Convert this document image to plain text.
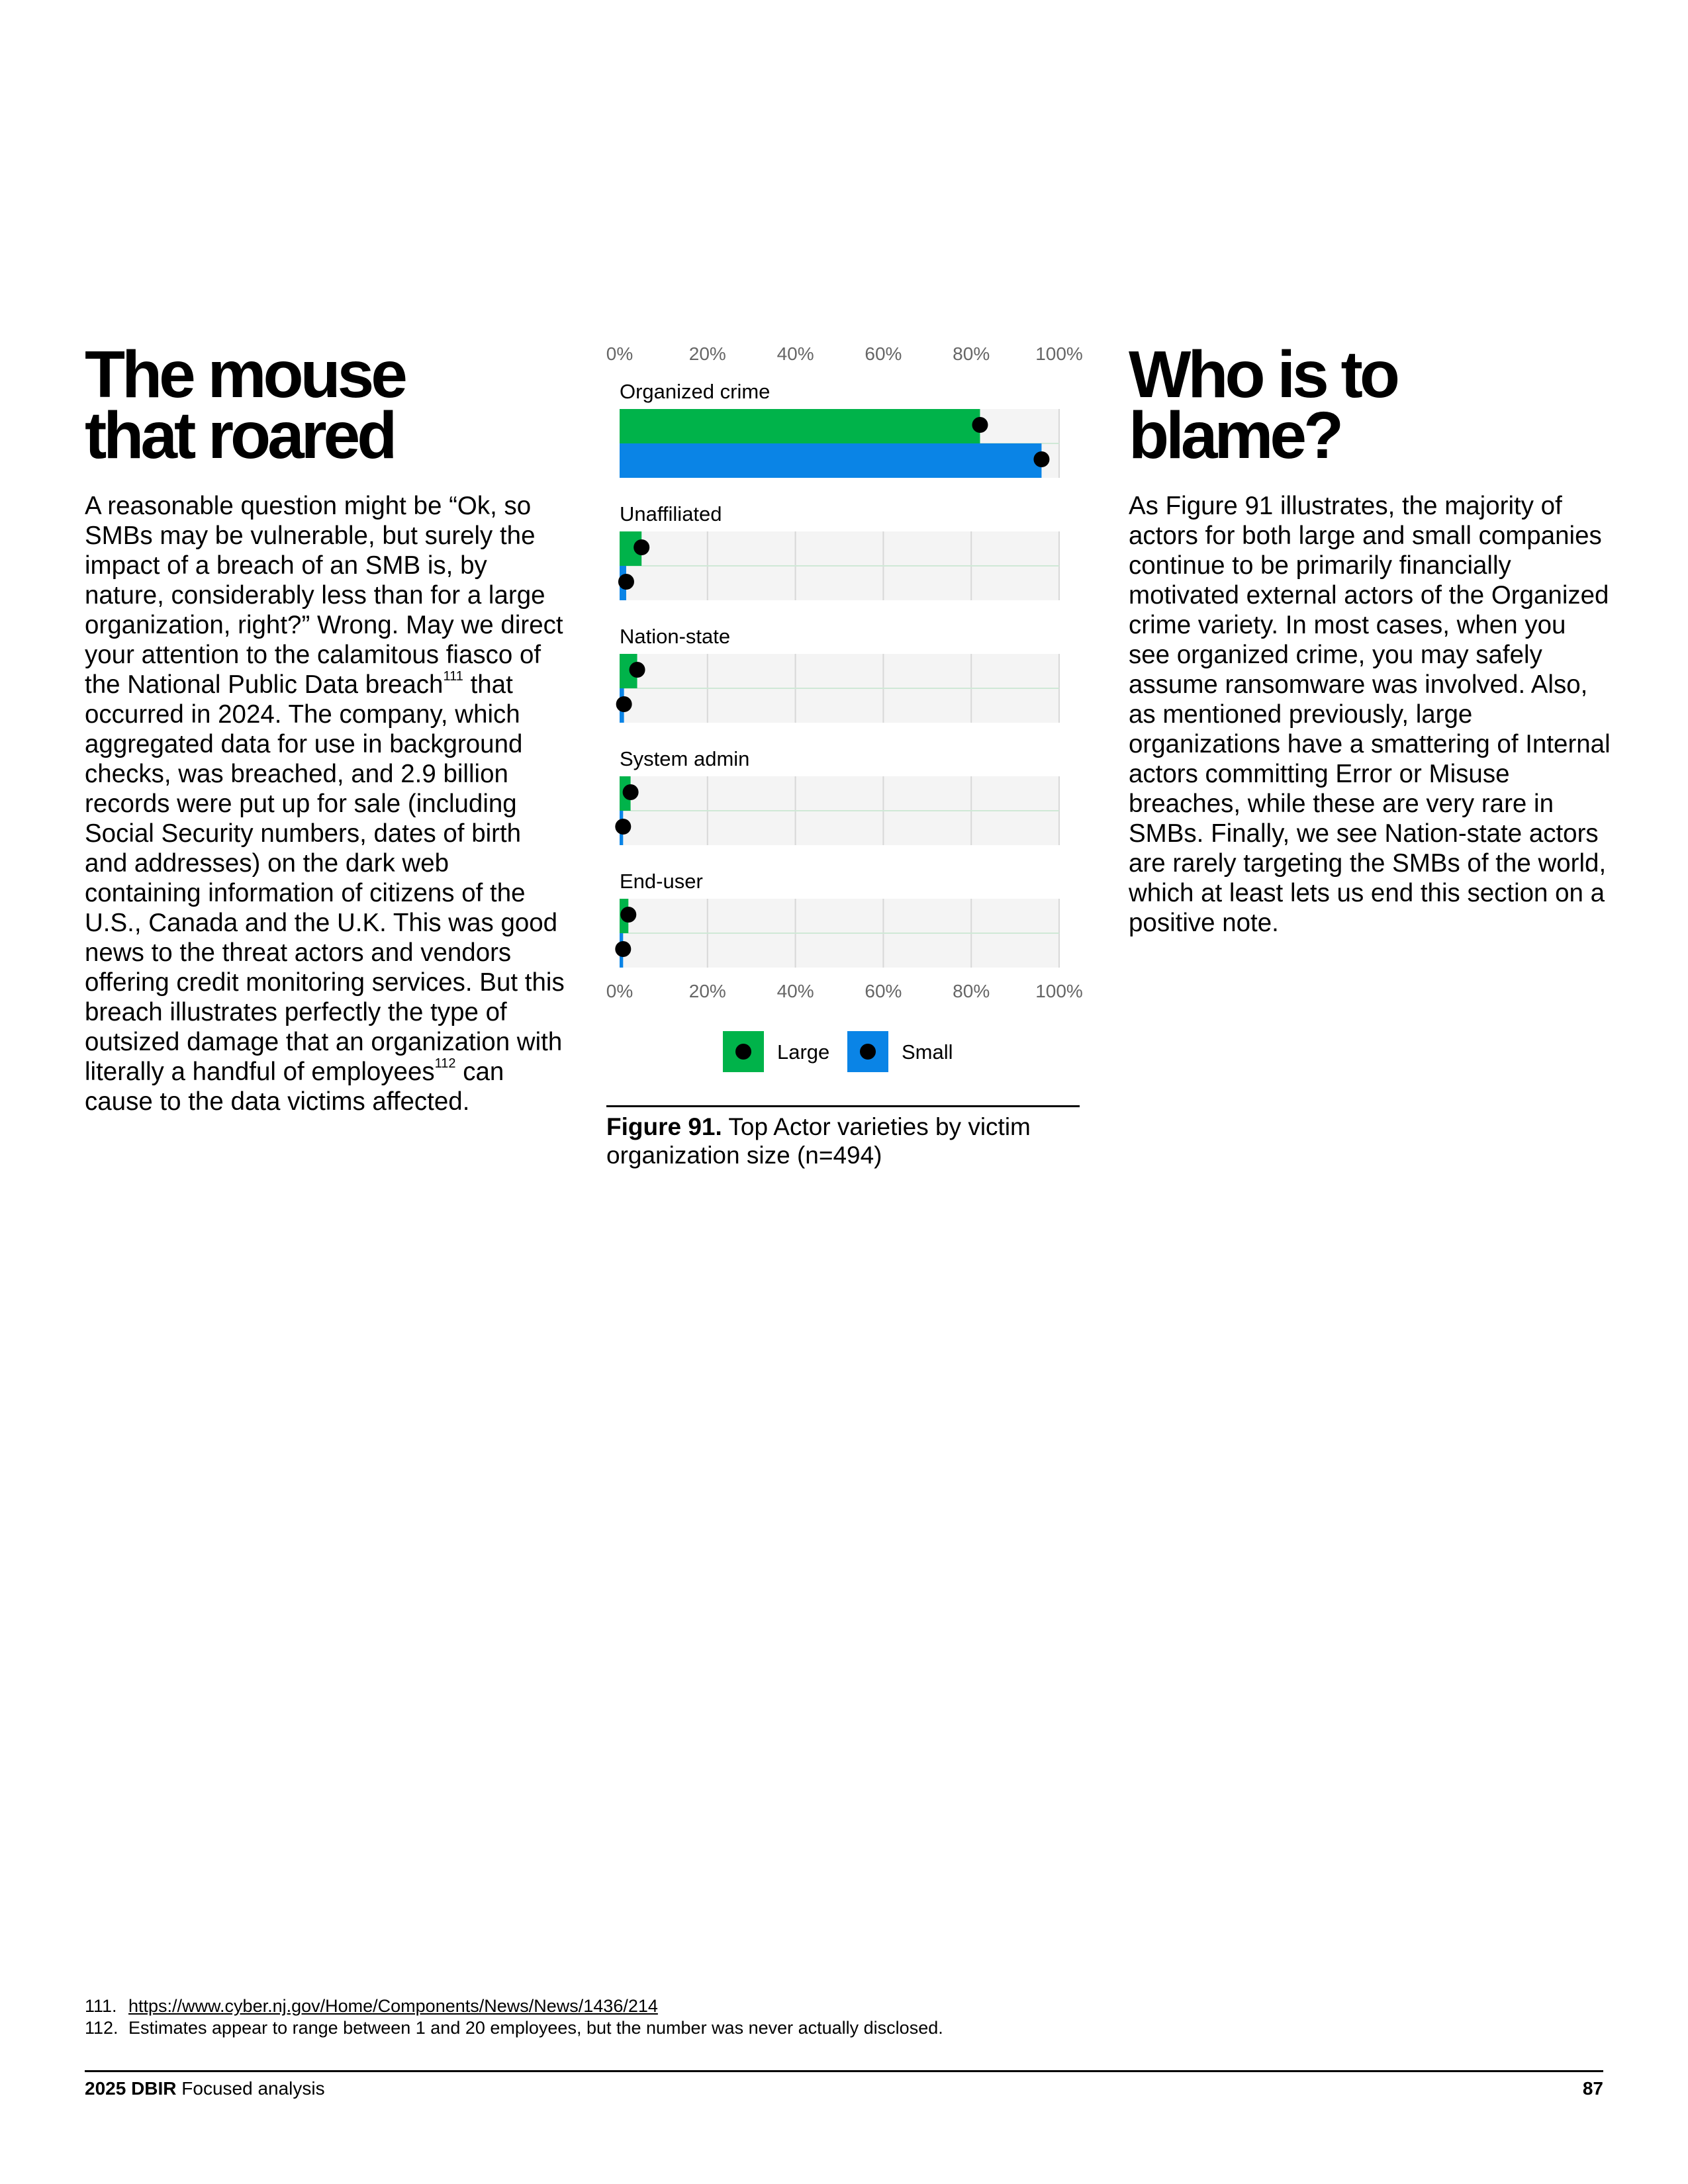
The mouse
that roared

A reasonable question might be “Ok, so SMBs may be vulnerable, but surely the impact of a breach of an SMB is, by nature, considerably less than for a large organization, right?” Wrong. May we direct your attention to the calamitous fiasco of the National Public Data breach$^{111}$ that occurred in 2024. The company, which aggregated data for use in background checks, was breached, and 2.9 billion records were put up for sale (including Social Security numbers, dates of birth and addresses) on the dark web containing information of citizens of the U.S., Canada and the U.K. This was good news to the threat actors and vendors offering credit monitoring services. But this breach illustrates perfectly the type of outsized damage that an organization with literally a handful of employees$^{112}$ can cause to the data victims affected.

0%
0%
20%
20%
40%
40%
60%
60%
80%
80%
100%
100%
Organized crime
Unaffiliated
Nation-state
System admin
End-user
Large	Small
Figure 91. Top Actor varieties by victim organization size (n=494)
Who is to
blame?

As Figure 91 illustrates, the majority of actors for both large and small companies continue to be primarily financially motivated external actors of the Organized crime variety. In most cases, when you see organized crime, you may safely assume ransomware was involved. Also, as mentioned previously, large organizations have a smattering of Internal actors committing Error or Misuse breaches, while these are very rare in SMBs. Finally, we see Nation-state actors are rarely targeting the SMBs of the world, which at least lets us end this section on a positive note.

111. https://www.cyber.nj.gov/Home/Components/News/News/1436/214
112. Estimates appear to range between 1 and 20 employees, but the number was never actually disclosed.
2025 DBIR Focused analysis	87
